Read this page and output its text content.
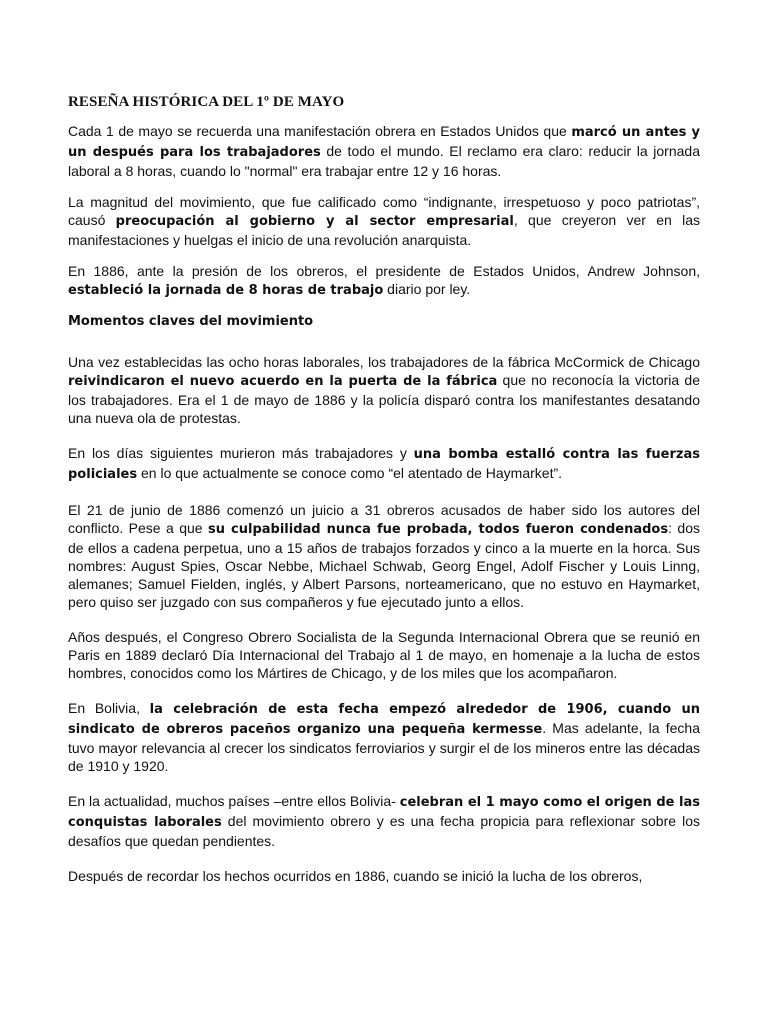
RESEÑA HISTÓRICA DEL 1º DE MAYO

Cada 1 de mayo se recuerda una manifestación obrera en Estados Unidos que marcó un antes y un después para los trabajadores de todo el mundo. El reclamo era claro: reducir la jornada laboral a 8 horas, cuando lo "normal" era trabajar entre 12 y 16 horas.

La magnitud del movimiento, que fue calificado como “indignante, irrespetuoso y poco patriotas”, causó preocupación al gobierno y al sector empresarial, que creyeron ver en las manifestaciones y huelgas el inicio de una revolución anarquista.

En 1886, ante la presión de los obreros, el presidente de Estados Unidos, Andrew Johnson, estableció la jornada de 8 horas de trabajo diario por ley.

Momentos claves del movimiento

Una vez establecidas las ocho horas laborales, los trabajadores de la fábrica McCormick de Chicago reivindicaron el nuevo acuerdo en la puerta de la fábrica que no reconocía la victoria de los trabajadores. Era el 1 de mayo de 1886 y la policía disparó contra los manifestantes desatando una nueva ola de protestas.

En los días siguientes murieron más trabajadores y una bomba estalló contra las fuerzas policiales en lo que actualmente se conoce como “el atentado de Haymarket”.

El 21 de junio de 1886 comenzó un juicio a 31 obreros acusados de haber sido los autores del conflicto. Pese a que su culpabilidad nunca fue probada, todos fueron condenados: dos de ellos a cadena perpetua, uno a 15 años de trabajos forzados y cinco a la muerte en la horca. Sus nombres: August Spies, Oscar Nebbe, Michael Schwab, Georg Engel, Adolf Fischer y Louis Linng, alemanes; Samuel Fielden, inglés, y Albert Parsons, norteamericano, que no estuvo en Haymarket, pero quiso ser juzgado con sus compañeros y fue ejecutado junto a ellos.

Años después, el Congreso Obrero Socialista de la Segunda Internacional Obrera que se reunió en Paris en 1889 declaró Día Internacional del Trabajo al 1 de mayo, en homenaje a la lucha de estos hombres, conocidos como los Mártires de Chicago, y de los miles que los acompañaron.

En Bolivia, la celebración de esta fecha empezó alrededor de 1906, cuando un sindicato de obreros paceños organizo una pequeña kermesse. Mas adelante, la fecha tuvo mayor relevancia al crecer los sindicatos ferroviarios y surgir el de los mineros entre las décadas de 1910 y 1920.

En la actualidad, muchos países –entre ellos Bolivia- celebran el 1 mayo como el origen de las conquistas laborales del movimiento obrero y es una fecha propicia para reflexionar sobre los desafíos que quedan pendientes.

Después de recordar los hechos ocurridos en 1886, cuando se inició la lucha de los obreros,
